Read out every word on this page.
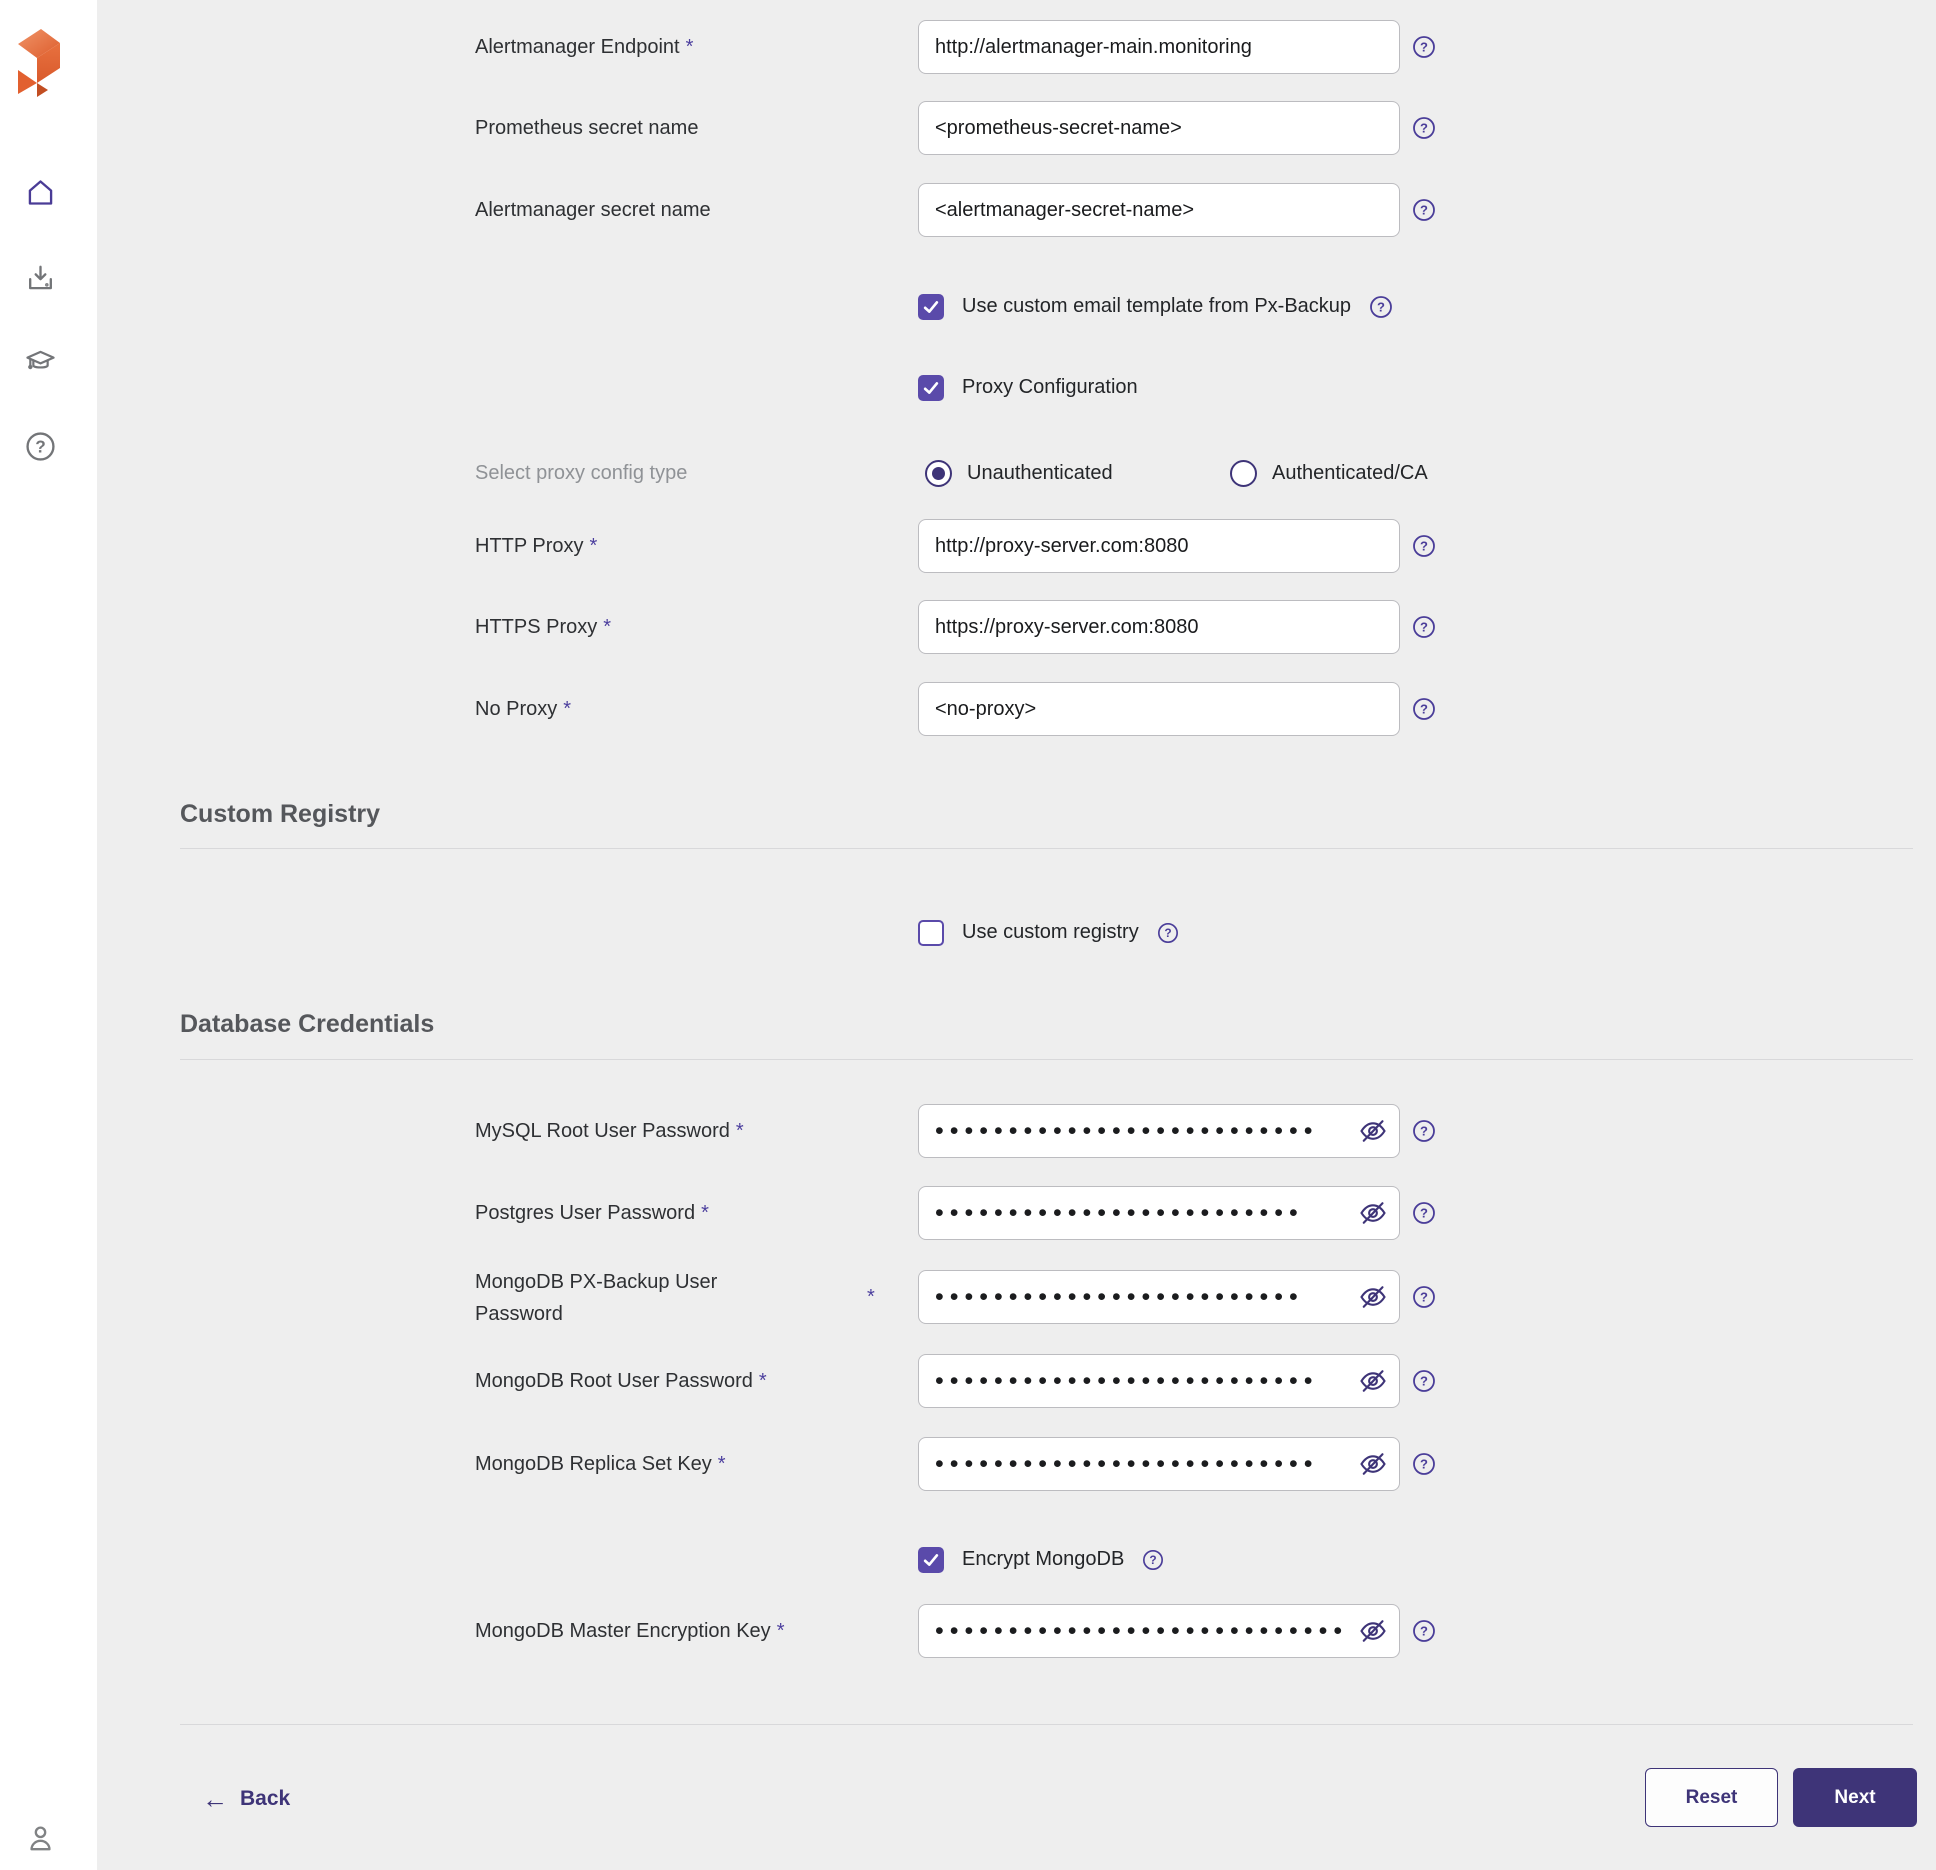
?
Alertmanager Endpoint *
http://alertmanager-main.monitoring	?
Prometheus secret name
<prometheus-secret-name>	?
Alertmanager secret name
<alertmanager-secret-name>	?
Use custom email template from Px-Backup ?
Proxy Configuration
Select proxy config type	Unauthenticated	Authenticated/CA
HTTP Proxy *
http://proxy-server.com:8080	?
HTTPS Proxy *
https://proxy-server.com:8080	?
No Proxy *
<no-proxy>	?
Custom Registry
Use custom registry ?
Database Credentials
MySQL Root User Password *
••••••••••••••••••••••••••	?
Postgres User Password *
•••••••••••••••••••••••••	?
MongoDB PX-Backup User Password
*
•••••••••••••••••••••••••	?
MongoDB Root User Password *
••••••••••••••••••••••••••	?
MongoDB Replica Set Key *
••••••••••••••••••••••••••	?
Encrypt MongoDB ?
MongoDB Master Encryption Key *
•••••••••••••••••••••••••••••••	?
← Back	Reset	Next
